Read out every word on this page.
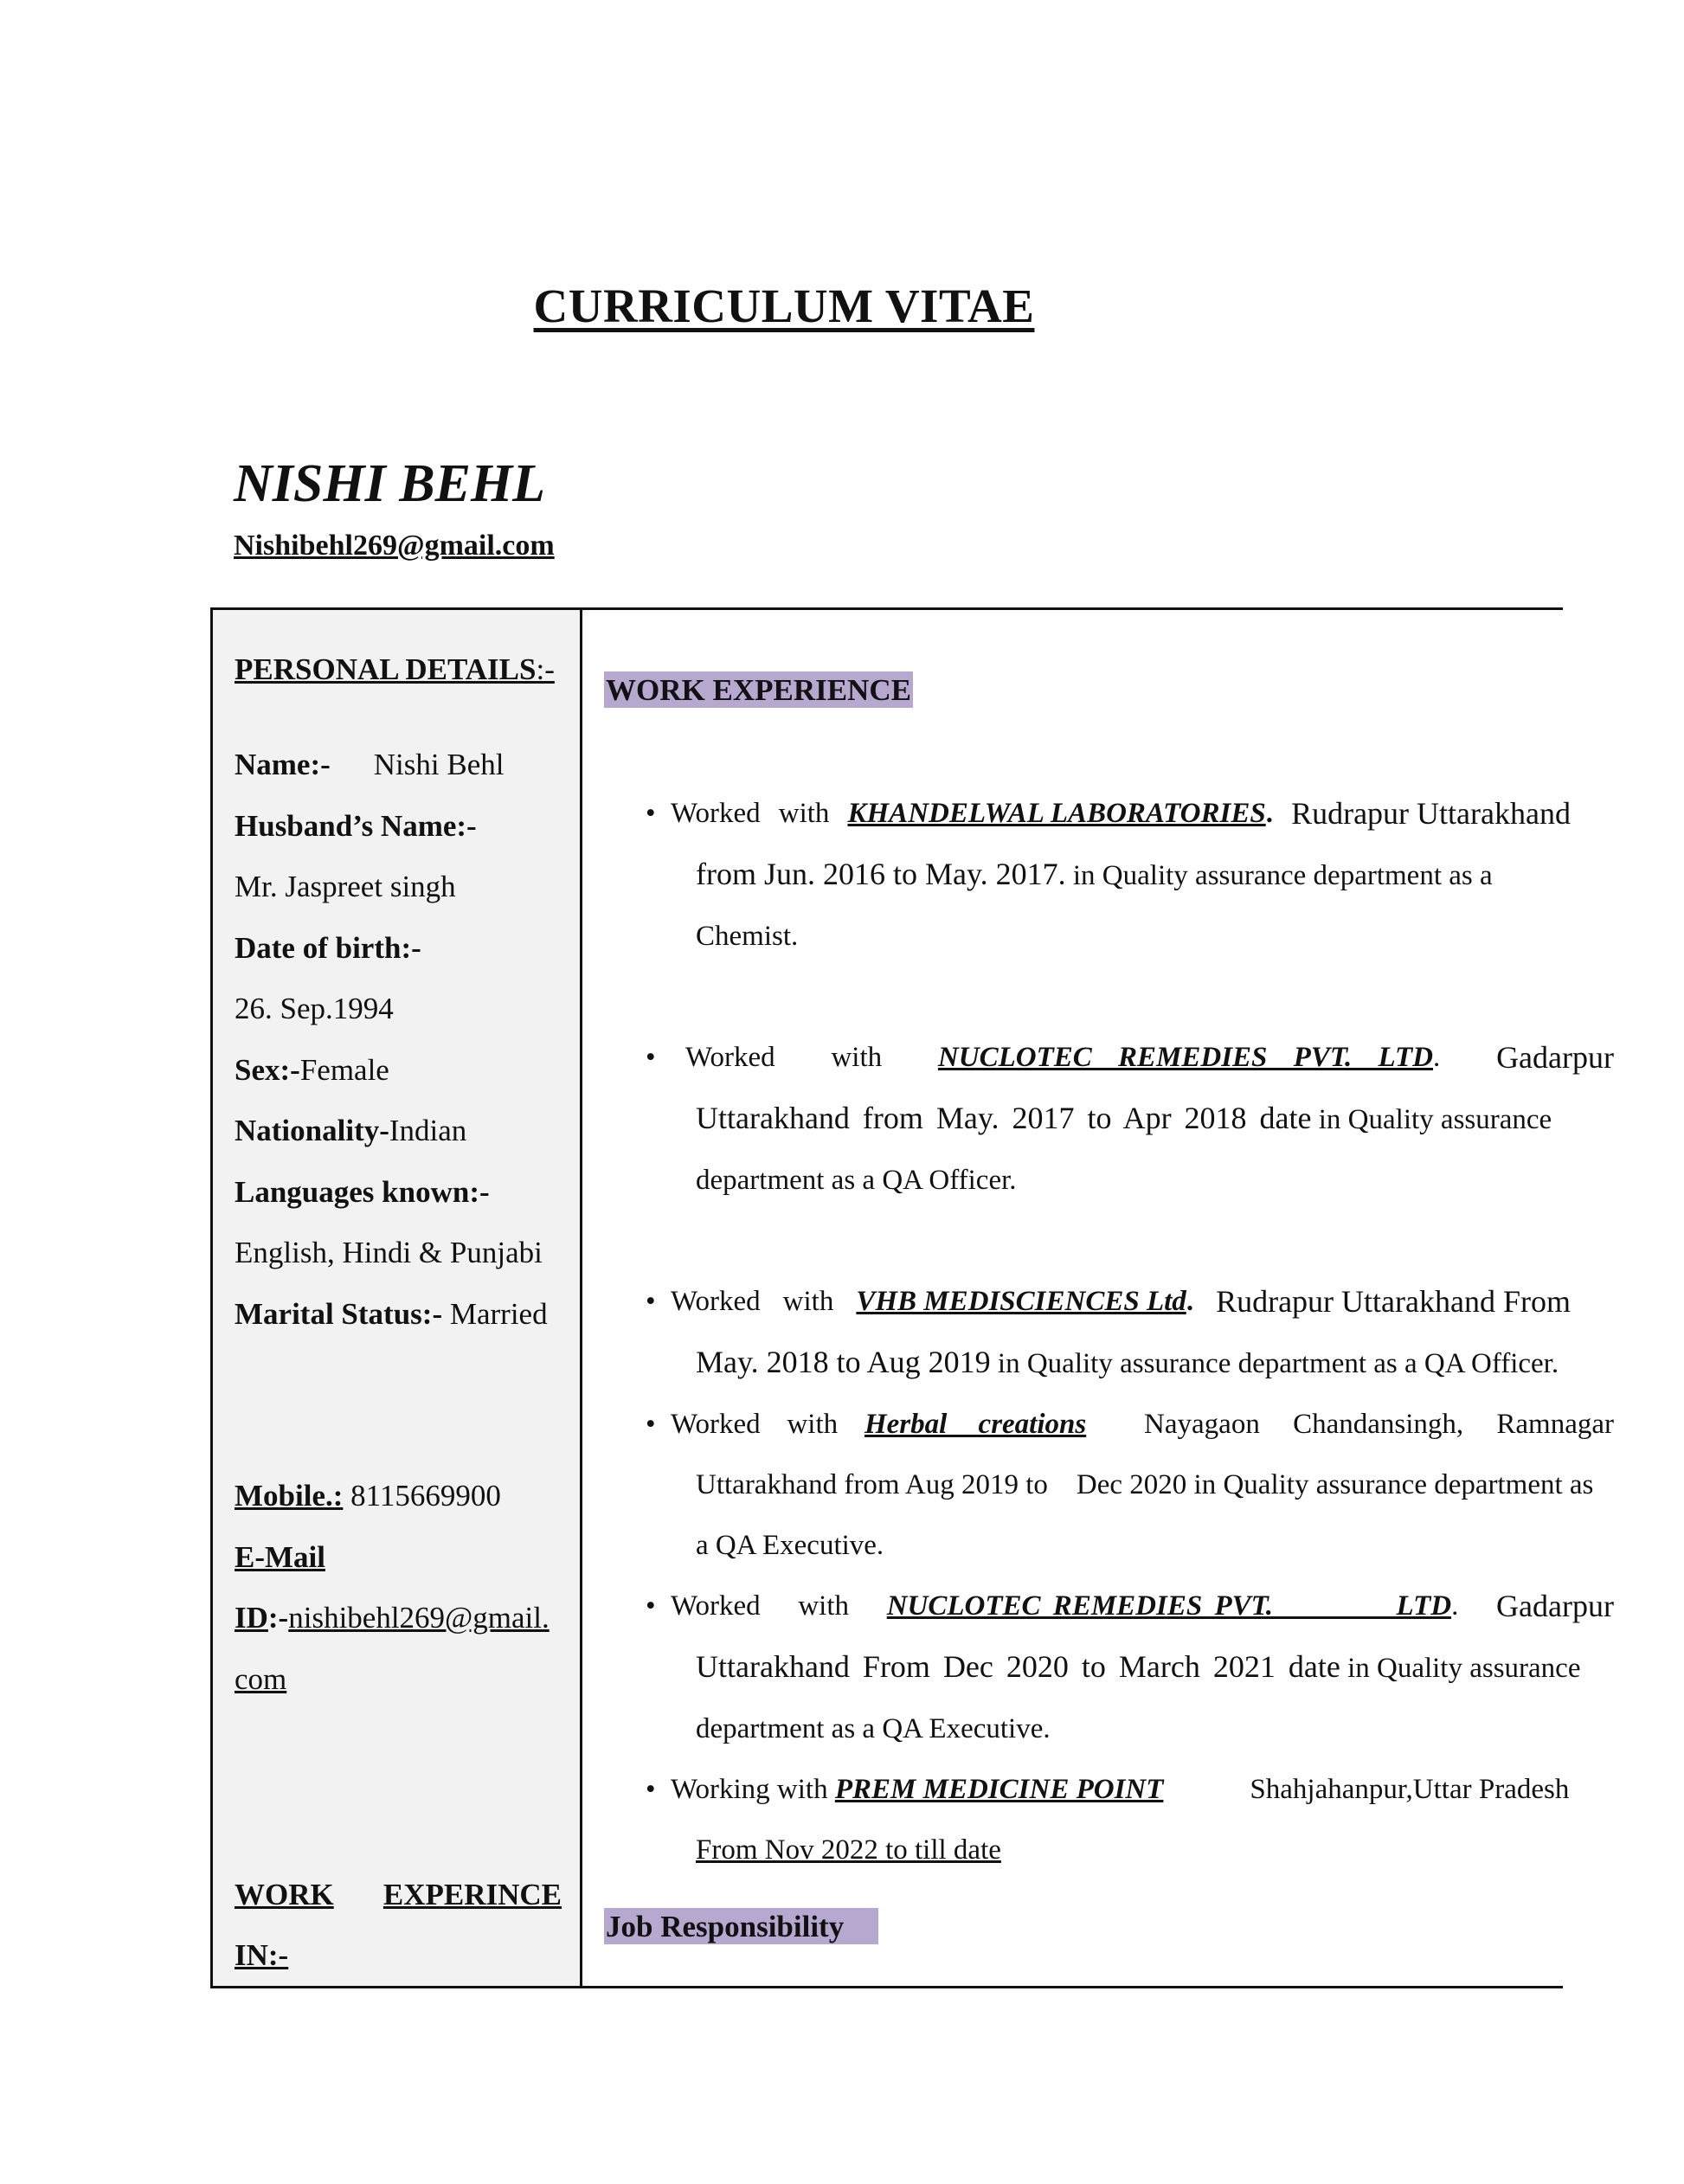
CURRICULUM VITAE
NISHI BEHL
Nishibehl269@gmail.com

PERSONAL DETAILS:-

Name:- Nishi Behl
Husband’s Name:-
Mr. Jaspreet singh
Date of birth:-
26. Sep.1994
Sex:-Female
Nationality-Indian
Languages known:-
English, Hindi & Punjabi
Marital Status:- Married
Mobile.: 8115669900
E-Mail
ID:-nishibehl269@gmail.
com
WORK EXPERINCE
IN:-
WORK EXPERIENCE
• Worked with KHANDELWAL LABORATORIES. Rudrapur Uttarakhand
from Jun. 2016 to May. 2017. in Quality assurance department as a
Chemist.
• Worked with NUCLOTEC REMEDIES PVT. LTD. Gadarpur
Uttarakhand from May. 2017 to Apr 2018 date in Quality assurance
department as a QA Officer.
• Worked with VHB MEDISCIENCES Ltd. Rudrapur Uttarakhand From
May. 2018 to Aug 2019 in Quality assurance department as a QA Officer.
• Worked with Herbal creations	Nayagaon Chandansingh, Ramnagar
Uttarakhand from Aug 2019 to    Dec 2020 in Quality assurance department as
a QA Executive.
• Worked with NUCLOTEC REMEDIES PVT.          LTD. Gadarpur
Uttarakhand From Dec 2020 to March 2021 date in Quality assurance
department as a QA Executive.
• Working
with
PREM MEDICINE POINT	Shahjahanpur,Uttar Pradesh
From Nov 2022 to till date
Job Responsibility
